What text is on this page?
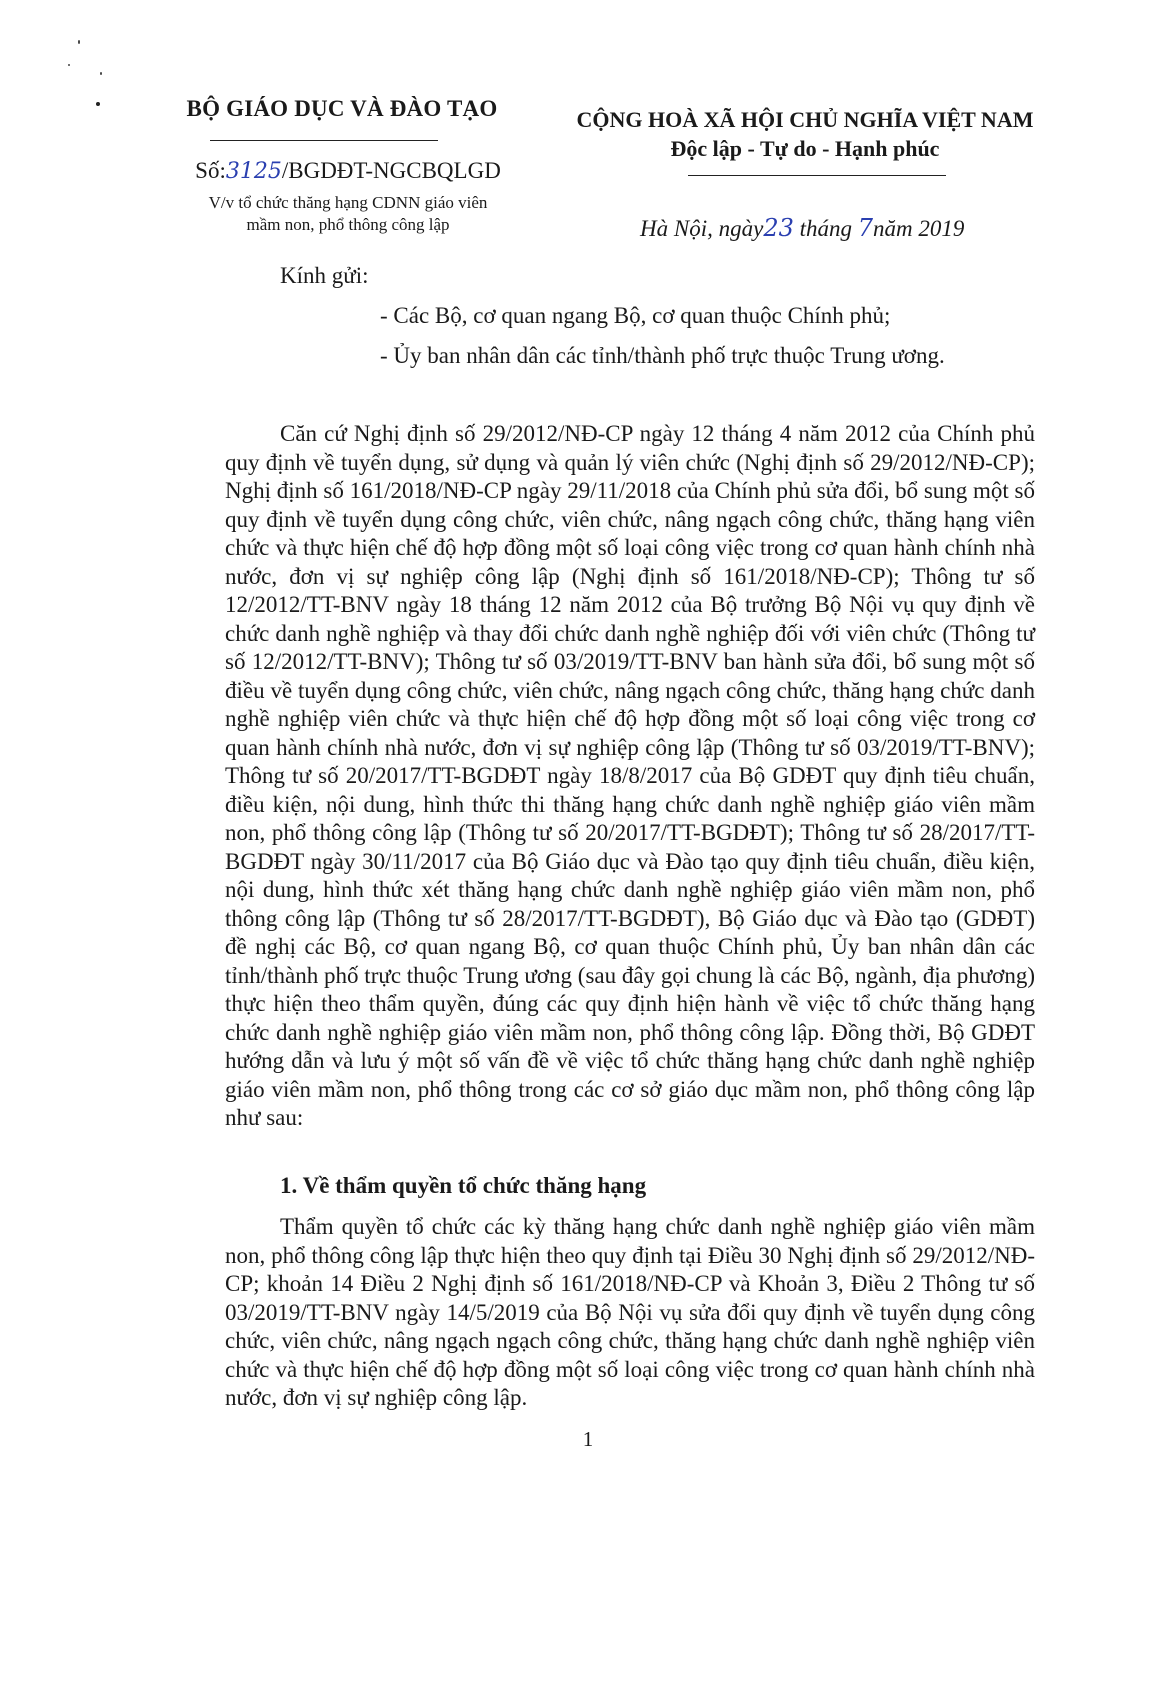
BỘ GIÁO DỤC VÀ ĐÀO TẠO
Số:3125/BGDĐT-NGCBQLGD
V/v tổ chức thăng hạng CDNN giáo viên
mầm non, phổ thông công lập
CỘNG HOÀ XÃ HỘI CHỦ NGHĨA VIỆT NAM
Độc lập - Tự do - Hạnh phúc
Hà Nội, ngày23 tháng 7năm 2019
Kính gửi:
- Các Bộ, cơ quan ngang Bộ, cơ quan thuộc Chính phủ;
- Ủy ban nhân dân các tỉnh/thành phố trực thuộc Trung ương.
Căn cứ Nghị định số 29/2012/NĐ-CP ngày 12 tháng 4 năm 2012 của Chính phủ quy định về tuyển dụng, sử dụng và quản lý viên chức (Nghị định số 29/2012/NĐ-CP); Nghị định số 161/2018/NĐ-CP ngày 29/11/2018 của Chính phủ sửa đổi, bổ sung một số quy định về tuyển dụng công chức, viên chức, nâng ngạch công chức, thăng hạng viên chức và thực hiện chế độ hợp đồng một số loại công việc trong cơ quan hành chính nhà nước, đơn vị sự nghiệp công lập (Nghị định số 161/2018/NĐ-CP); Thông tư số 12/2012/TT-BNV ngày 18 tháng 12 năm 2012 của Bộ trưởng Bộ Nội vụ quy định về chức danh nghề nghiệp và thay đổi chức danh nghề nghiệp đối với viên chức (Thông tư số 12/2012/TT-BNV); Thông tư số 03/2019/TT-BNV ban hành sửa đổi, bổ sung một số điều về tuyển dụng công chức, viên chức, nâng ngạch công chức, thăng hạng chức danh nghề nghiệp viên chức và thực hiện chế độ hợp đồng một số loại công việc trong cơ quan hành chính nhà nước, đơn vị sự nghiệp công lập (Thông tư số 03/2019/TT-BNV); Thông tư số 20/2017/TT-BGDĐT ngày 18/8/2017 của Bộ GDĐT quy định tiêu chuẩn, điều kiện, nội dung, hình thức thi thăng hạng chức danh nghề nghiệp giáo viên mầm non, phổ thông công lập (Thông tư số 20/2017/TT-BGDĐT); Thông tư số 28/2017/TT-BGDĐT ngày 30/11/2017 của Bộ Giáo dục và Đào tạo quy định tiêu chuẩn, điều kiện, nội dung, hình thức xét thăng hạng chức danh nghề nghiệp giáo viên mầm non, phổ thông công lập (Thông tư số 28/2017/TT-BGDĐT), Bộ Giáo dục và Đào tạo (GDĐT) đề nghị các Bộ, cơ quan ngang Bộ, cơ quan thuộc Chính phủ, Ủy ban nhân dân các tỉnh/thành phố trực thuộc Trung ương (sau đây gọi chung là các Bộ, ngành, địa phương) thực hiện theo thẩm quyền, đúng các quy định hiện hành về việc tổ chức thăng hạng chức danh nghề nghiệp giáo viên mầm non, phổ thông công lập. Đồng thời, Bộ GDĐT hướng dẫn và lưu ý một số vấn đề về việc tổ chức thăng hạng chức danh nghề nghiệp giáo viên mầm non, phổ thông trong các cơ sở giáo dục mầm non, phổ thông công lập như sau:
1. Về thẩm quyền tổ chức thăng hạng
Thẩm quyền tổ chức các kỳ thăng hạng chức danh nghề nghiệp giáo viên mầm non, phổ thông công lập thực hiện theo quy định tại Điều 30 Nghị định số 29/2012/NĐ-CP; khoản 14 Điều 2 Nghị định số 161/2018/NĐ-CP và Khoản 3, Điều 2 Thông tư số 03/2019/TT-BNV ngày 14/5/2019 của Bộ Nội vụ sửa đổi quy định về tuyển dụng công chức, viên chức, nâng ngạch ngạch công chức, thăng hạng chức danh nghề nghiệp viên chức và thực hiện chế độ hợp đồng một số loại công việc trong cơ quan hành chính nhà nước, đơn vị sự nghiệp công lập.
1
